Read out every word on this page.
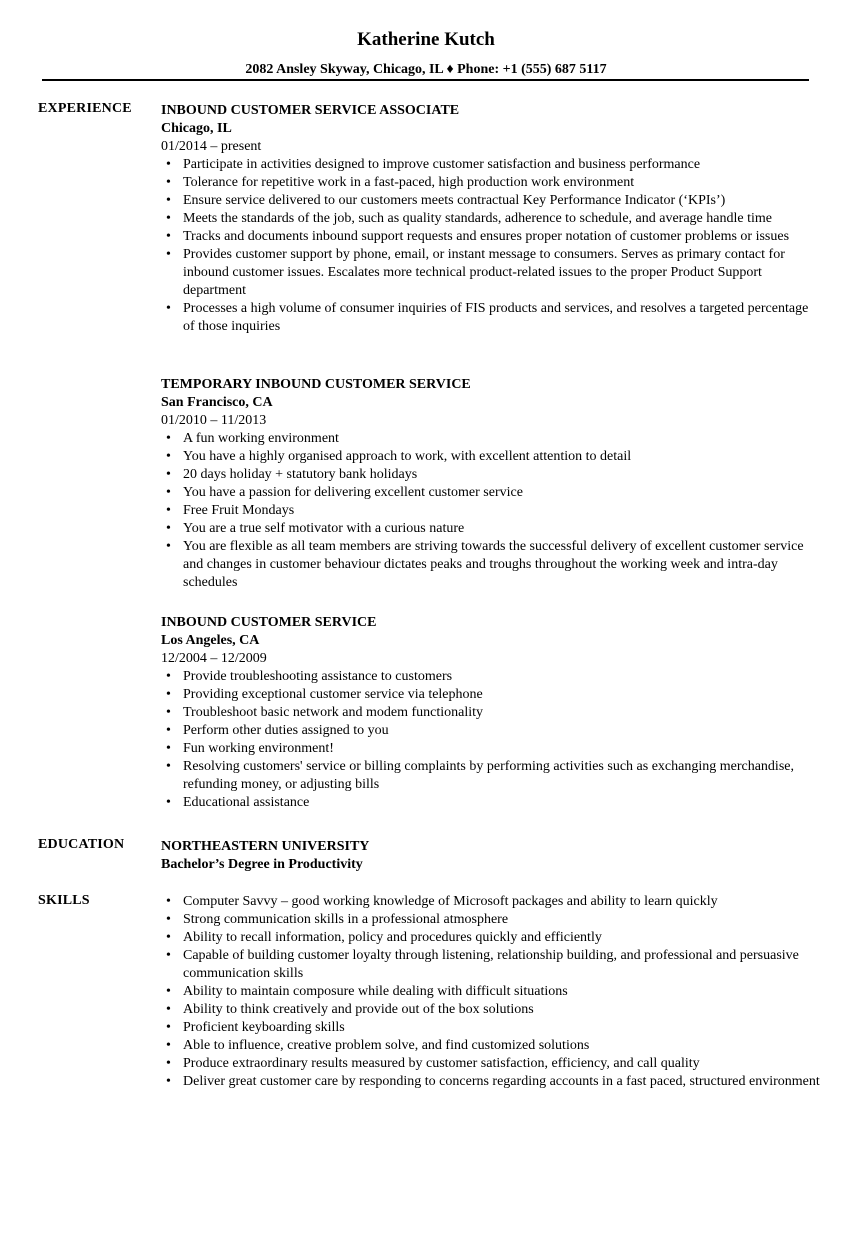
Katherine Kutch
2082 Ansley Skyway, Chicago, IL ♦ Phone: +1 (555) 687 5117
EXPERIENCE INBOUND CUSTOMER SERVICE ASSOCIATE
Chicago, IL
01/2014 – present
• Participate in activities designed to improve customer satisfaction and business performance
• Tolerance for repetitive work in a fast-paced, high production work environment
• Ensure service delivered to our customers meets contractual Key Performance Indicator (‘KPIs’)
• Meets the standards of the job, such as quality standards, adherence to schedule, and average handle time
• Tracks and documents inbound support requests and ensures proper notation of customer problems or issues
• Provides customer support by phone, email, or instant message to consumers. Serves as primary contact for inbound customer issues. Escalates more technical product-related issues to the proper Product Support department
• Processes a high volume of consumer inquiries of FIS products and services, and resolves a targeted percentage of those inquiries
TEMPORARY INBOUND CUSTOMER SERVICE
San Francisco, CA
01/2010 – 11/2013
• A fun working environment
• You have a highly organised approach to work, with excellent attention to detail
• 20 days holiday + statutory bank holidays
• You have a passion for delivering excellent customer service
• Free Fruit Mondays
• You are a true self motivator with a curious nature
• You are flexible as all team members are striving towards the successful delivery of excellent customer service and changes in customer behaviour dictates peaks and troughs throughout the working week and intra-day schedules
INBOUND CUSTOMER SERVICE
Los Angeles, CA
12/2004 – 12/2009
• Provide troubleshooting assistance to customers
• Providing exceptional customer service via telephone
• Troubleshoot basic network and modem functionality
• Perform other duties assigned to you
• Fun working environment!
• Resolving customers' service or billing complaints by performing activities such as exchanging merchandise, refunding money, or adjusting bills
• Educational assistance
EDUCATION	NORTHEASTERN UNIVERSITY
Bachelor’s Degree in Productivity
SKILLS	• Computer Savvy – good working knowledge of Microsoft packages and ability to learn quickly
• Strong communication skills in a professional atmosphere
• Ability to recall information, policy and procedures quickly and efficiently
• Capable of building customer loyalty through listening, relationship building, and professional and persuasive communication skills
• Ability to maintain composure while dealing with difficult situations
• Ability to think creatively and provide out of the box solutions
• Proficient keyboarding skills
• Able to influence, creative problem solve, and find customized solutions
• Produce extraordinary results measured by customer satisfaction, efficiency, and call quality
• Deliver great customer care by responding to concerns regarding accounts in a fast paced, structured environment
